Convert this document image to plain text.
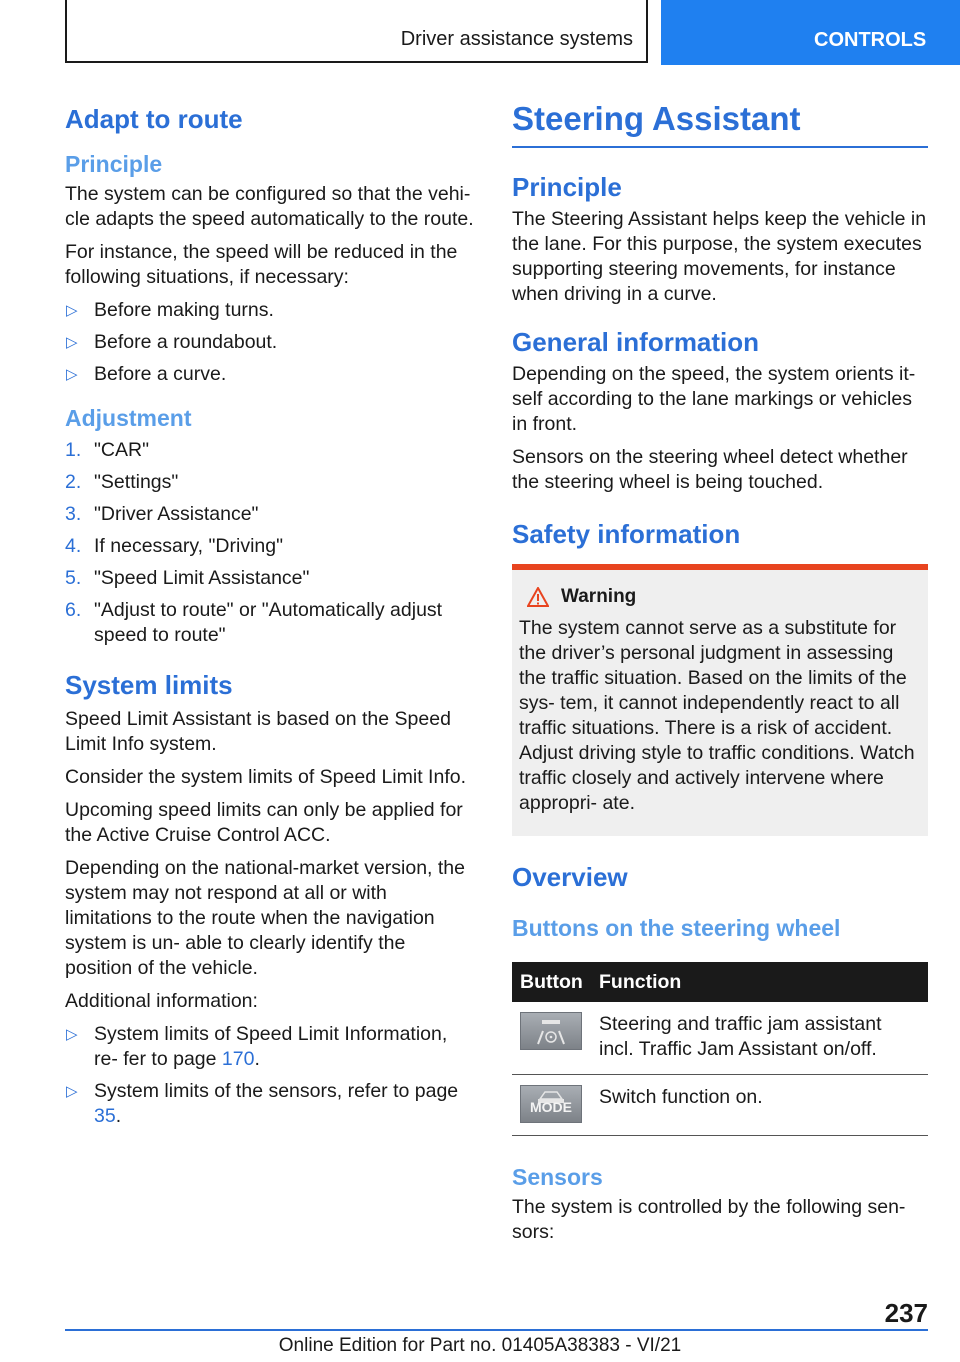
Driver assistance systems	CONTROLS
Adapt to route
Principle

The system can be configured so that the vehi‐ cle adapts the speed automatically to the route.

For instance, the speed will be reduced in the following situations, if necessary:

▷ Before making turns.
▷ Before a roundabout.
▷ Before a curve.
Adjustment
1. "CAR"
2. "Settings"
3. "Driver Assistance"
4. If necessary, "Driving"
5. "Speed Limit Assistance"
6. "Adjust to route" or "Automatically adjust speed to route"
System limits

Speed Limit Assistant is based on the Speed Limit Info system.

Consider the system limits of Speed Limit Info.

Upcoming speed limits can only be applied for the Active Cruise Control ACC.

Depending on the national-market version, the system may not respond at all or with limitations to the route when the navigation system is un‐ able to clearly identify the position of the vehicle.

Additional information:

▷ System limits of Speed Limit Information, re‐ fer to page 170.
▷ System limits of the sensors, refer to page 35.
Steering Assistant
Principle

The Steering Assistant helps keep the vehicle in the lane. For this purpose, the system executes supporting steering movements, for instance when driving in a curve.

General information

Depending on the speed, the system orients it‐ self according to the lane markings or vehicles in front.

Sensors on the steering wheel detect whether the steering wheel is being touched.

Safety information
Warning

The system cannot serve as a substitute for the driver’s personal judgment in assessing the traffic situation. Based on the limits of the sys‐ tem, it cannot independently react to all traffic situations. There is a risk of accident. Adjust driving style to traffic conditions. Watch traffic closely and actively intervene where appropri‐ ate.

Overview
Buttons on the steering wheel
Button	Function

	Steering and traffic jam assistant incl. Traffic Jam Assistant on/off.

MODE	Switch function on.
Sensors

The system is controlled by the following sen‐ sors:

237
Online Edition for Part no. 01405A38383 - VI/21
